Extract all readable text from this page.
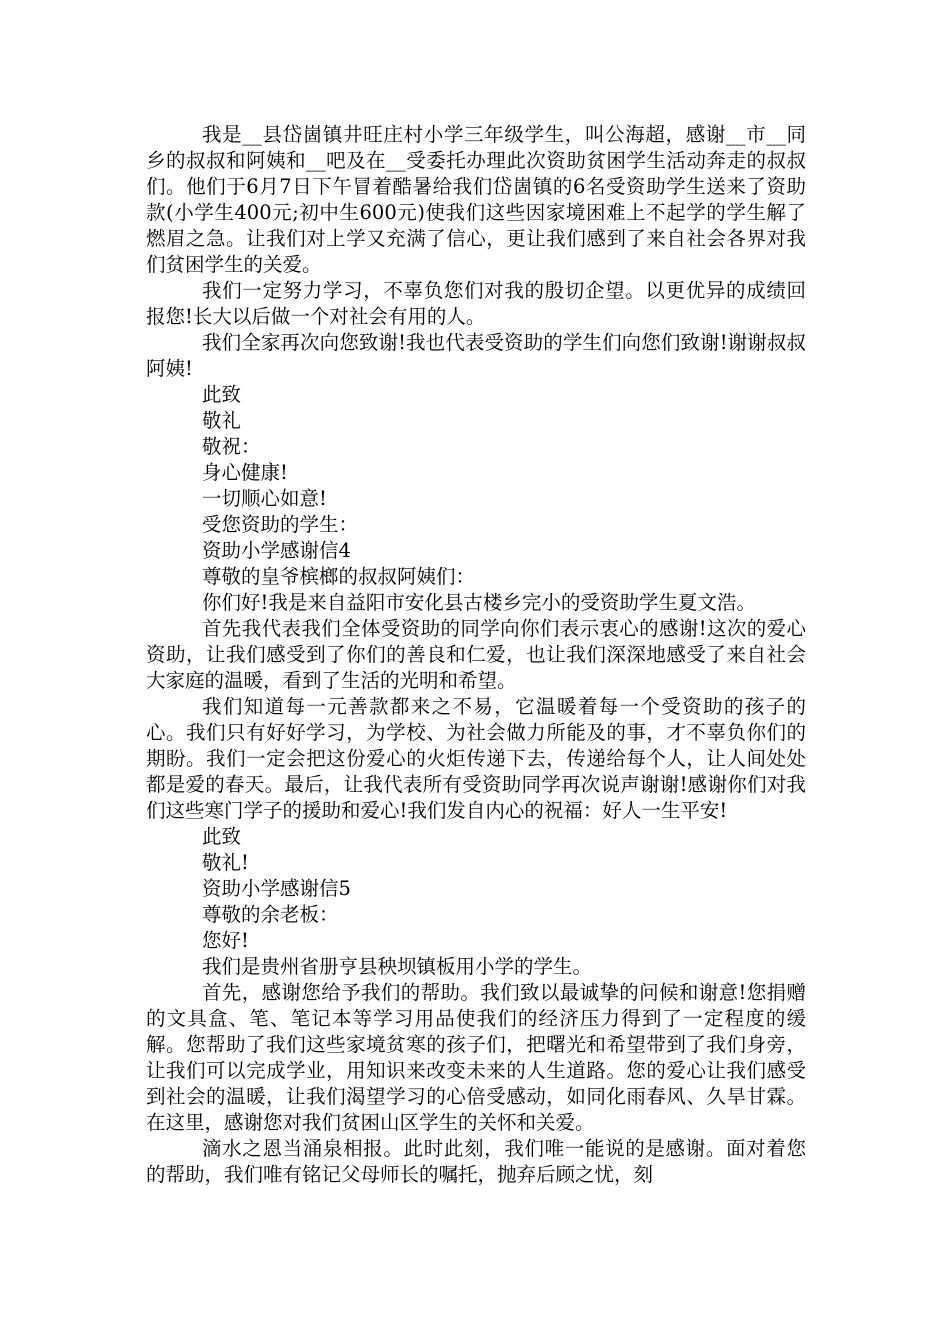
我是__县岱崮镇井旺庄村小学三年级学生，叫公海超，感谢__市__同乡的叔叔和阿姨和__吧及在__受委托办理此次资助贫困学生活动奔走的叔叔们。他们于6月7日下午冒着酷暑给我们岱崮镇的6名受资助学生送来了资助款(小学生400元;初中生600元)使我们这些因家境困难上不起学的学生解了燃眉之急。让我们对上学又充满了信心，更让我们感到了来自社会各界对我们贫困学生的关爱。

我们一定努力学习，不辜负您们对我的殷切企望。以更优异的成绩回报您!长大以后做一个对社会有用的人。

我们全家再次向您致谢!我也代表受资助的学生们向您们致谢!谢谢叔叔阿姨!

此致

敬礼

敬祝：

身心健康!

一切顺心如意!

受您资助的学生：

资助小学感谢信4

尊敬的皇爷槟榔的叔叔阿姨们：

你们好!我是来自益阳市安化县古楼乡完小的受资助学生夏文浩。

首先我代表我们全体受资助的同学向你们表示衷心的感谢!这次的爱心资助，让我们感受到了你们的善良和仁爱，也让我们深深地感受了来自社会大家庭的温暖，看到了生活的光明和希望。

我们知道每一元善款都来之不易，它温暖着每一个受资助的孩子的心。我们只有好好学习，为学校、为社会做力所能及的事，才不辜负你们的期盼。我们一定会把这份爱心的火炬传递下去，传递给每个人，让人间处处都是爱的春天。最后，让我代表所有受资助同学再次说声谢谢!感谢你们对我们这些寒门学子的援助和爱心!我们发自内心的祝福：好人一生平安!

此致

敬礼!

资助小学感谢信5

尊敬的余老板：

您好!

我们是贵州省册亨县秧坝镇板用小学的学生。

首先，感谢您给予我们的帮助。我们致以最诚挚的问候和谢意!您捐赠的文具盒、笔、笔记本等学习用品使我们的经济压力得到了一定程度的缓解。您帮助了我们这些家境贫寒的孩子们，把曙光和希望带到了我们身旁，让我们可以完成学业，用知识来改变未来的人生道路。您的爱心让我们感受到社会的温暖，让我们渴望学习的心倍受感动，如同化雨春风、久旱甘霖。在这里，感谢您对我们贫困山区学生的关怀和关爱。

滴水之恩当涌泉相报。此时此刻，我们唯一能说的是感谢。面对着您的帮助，我们唯有铭记父母师长的嘱托，抛弃后顾之忧，刻
